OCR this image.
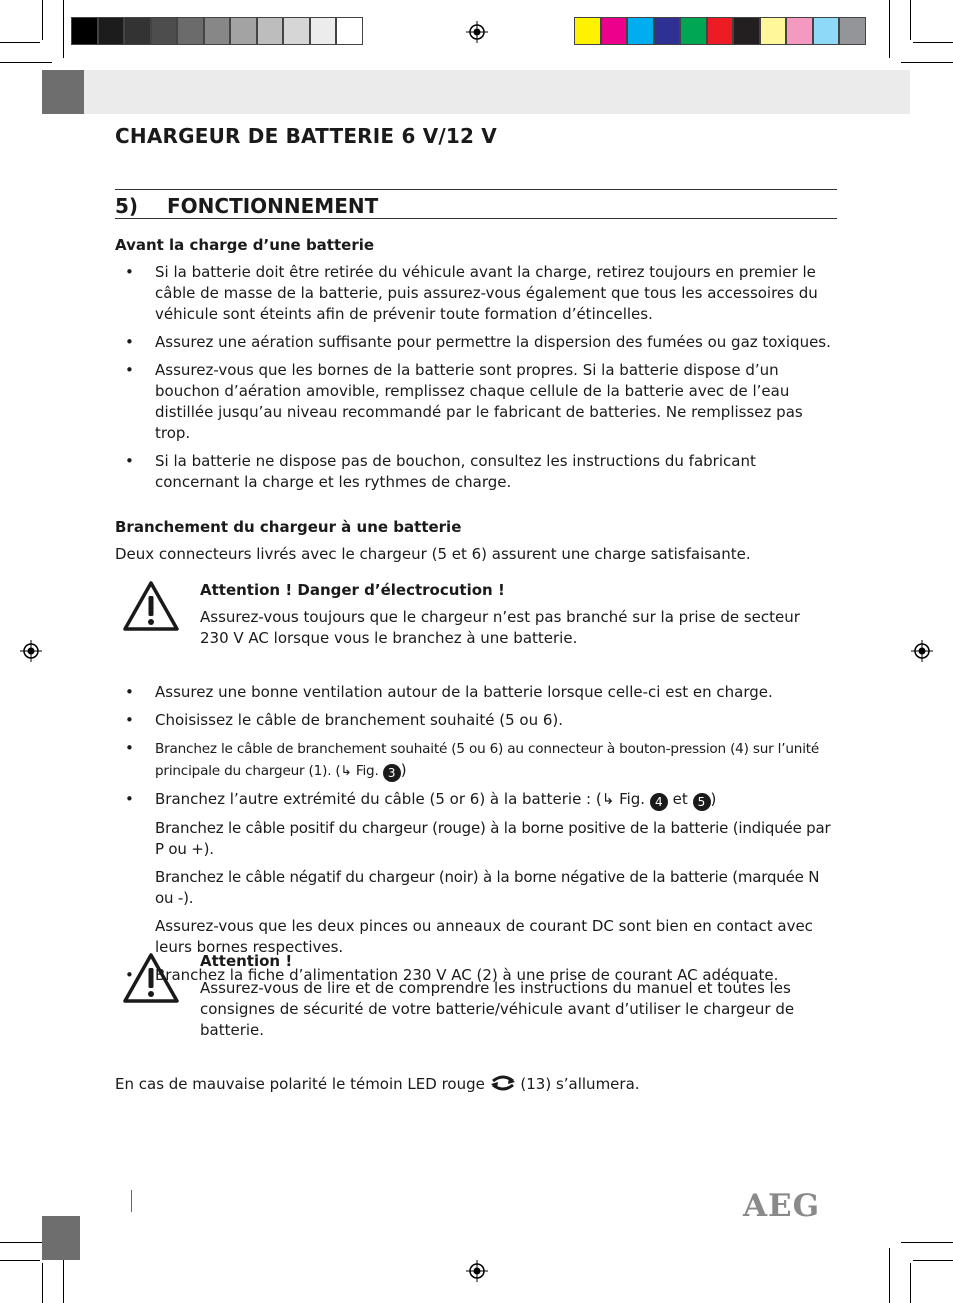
CHARGEUR DE BATTERIE 6 V/12 V
5) FONCTIONNEMENT
Avant la charge d’une batterie
• Si la batterie doit être retirée du véhicule avant la charge, retirez toujours en premier le câble de masse de la batterie, puis assurez-vous également que tous les accessoires du véhicule sont éteints afin de prévenir toute formation d’étincelles.
• Assurez une aération suffisante pour permettre la dispersion des fumées ou gaz toxiques.
• Assurez-vous que les bornes de la batterie sont propres. Si la batterie dispose d’un bouchon d’aération amovible, remplissez chaque cellule de la batterie avec de l’eau distillée jusqu’au niveau recommandé par le fabricant de batteries. Ne remplissez pas trop.
• Si la batterie ne dispose pas de bouchon, consultez les instructions du fabricant concernant la charge et les rythmes de charge.
Branchement du chargeur à une batterie
Deux connecteurs livrés avec le chargeur (5 et 6) assurent une charge satisfaisante.
Attention ! Danger d’électrocution !
Assurez-vous toujours que le chargeur n’est pas branché sur la prise de secteur 230 V AC lorsque vous le branchez à une batterie.
• Assurez une bonne ventilation autour de la batterie lorsque celle-ci est en charge.
• Choisissez le câble de branchement souhaité (5 ou 6).
• Branchez le câble de branchement souhaité (5 ou 6) au connecteur à bouton-pression (4) sur l’unité principale du chargeur (1). (↳ Fig. 3 )
• Branchez l’autre extrémité du câble (5 or 6) à la batterie : (↳ Fig. 4 et 5 )
Branchez le câble positif du chargeur (rouge) à la borne positive de la batterie (indiquée par P ou +).
Branchez le câble négatif du chargeur (noir) à la borne négative de la batterie (marquée N ou -).
Assurez-vous que les deux pinces ou anneaux de courant DC sont bien en contact avec leurs bornes respectives.
• Branchez la fiche d’alimentation 230 V AC (2) à une prise de courant AC adéquate.
Attention !
Assurez-vous de lire et de comprendre les instructions du manuel et toutes les consignes de sécurité de votre batterie/véhicule avant d’utiliser le chargeur de batterie.
En cas de mauvaise polarité le témoin LED rouge  (13) s’allumera.
AEG
